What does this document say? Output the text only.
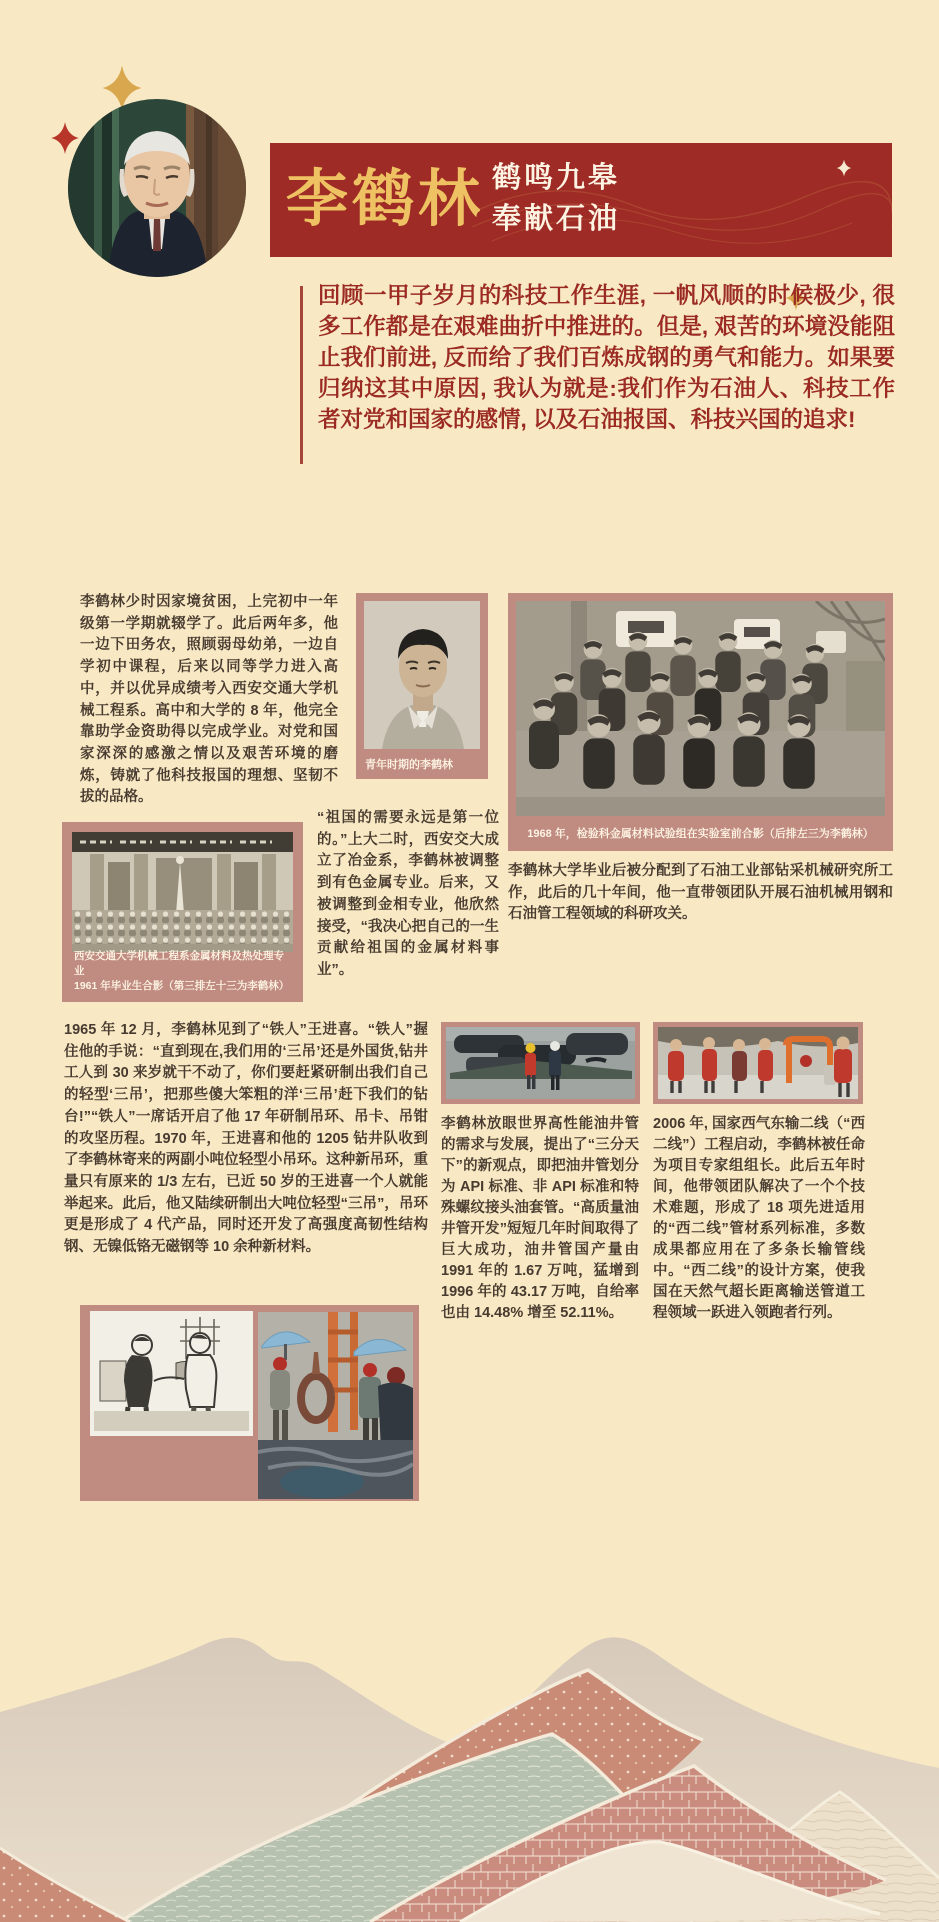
李鹤林 鹤鸣九皋
奉献石油
回顾一甲子岁月的科技工作生涯, 一帆风顺的时候极少, 很多工作都是在艰难曲折中推进的。但是, 艰苦的环境没能阻止我们前进, 反而给了我们百炼成钢的勇气和能力。如果要归纳这其中原因, 我认为就是:我们作为石油人、科技工作者对党和国家的感情, 以及石油报国、科技兴国的追求!
李鹤林少时因家境贫困，上完初中一年级第一学期就辍学了。此后两年多，他一边下田务农，照顾弱母幼弟，一边自学初中课程，后来以同等学力进入高中，并以优异成绩考入西安交通大学机械工程系。高中和大学的 8 年，他完全靠助学金资助得以完成学业。对党和国家深深的感激之情以及艰苦环境的磨炼，铸就了他科技报国的理想、坚韧不拔的品格。
青年时期的李鹤林
1968 年，检验科金属材料试验组在实验室前合影（后排左三为李鹤林）
“祖国的需要永远是第一位的。”上大二时，西安交大成立了冶金系，李鹤林被调整到有色金属专业。后来，又被调整到金相专业，他欣然接受，“我决心把自己的一生贡献给祖国的金属材料事业”。
李鹤林大学毕业后被分配到了石油工业部钻采机械研究所工作，此后的几十年间，他一直带领团队开展石油机械用钢和石油管工程领域的科研攻关。
西安交通大学机械工程系金属材料及热处理专业
1961 年毕业生合影（第三排左十三为李鹤林）
1965 年 12 月，李鹤林见到了“铁人”王进喜。“铁人”握住他的手说：“直到现在,我们用的‘三吊’还是外国货,钻井工人到 30 来岁就干不动了，你们要赶紧研制出我们自己的轻型‘三吊’，把那些傻大笨粗的洋‘三吊’赶下我们的钻台!”“铁人”一席话开启了他 17 年研制吊环、吊卡、吊钳的攻坚历程。1970 年，王进喜和他的 1205 钻井队收到了李鹤林寄来的两副小吨位轻型小吊环。这种新吊环，重量只有原来的 1/3 左右，已近 50 岁的王进喜一个人就能举起来。此后，他又陆续研制出大吨位轻型“三吊”，吊环更是形成了 4 代产品，同时还开发了高强度高韧性结构钢、无镍低铬无磁钢等 10 余种新材料。
李鹤林放眼世界高性能油井管的需求与发展，提出了“三分天下”的新观点，即把油井管划分为 API 标准、非 API 标准和特殊螺纹接头油套管。“高质量油井管开发”短短几年时间取得了巨大成功，油井管国产量由 1991 年的 1.67 万吨，猛增到 1996 年的 43.17 万吨，自给率也由 14.48% 增至 52.11%。
2006 年, 国家西气东输二线（“西二线”）工程启动，李鹤林被任命为项目专家组组长。此后五年时间，他带领团队解决了一个个技术难题，形成了 18 项先进适用的“西二线”管材系列标准，多数成果都应用在了多条长输管线中。“西二线”的设计方案，使我国在天然气超长距离输送管道工程领域一跃进入领跑者行列。
